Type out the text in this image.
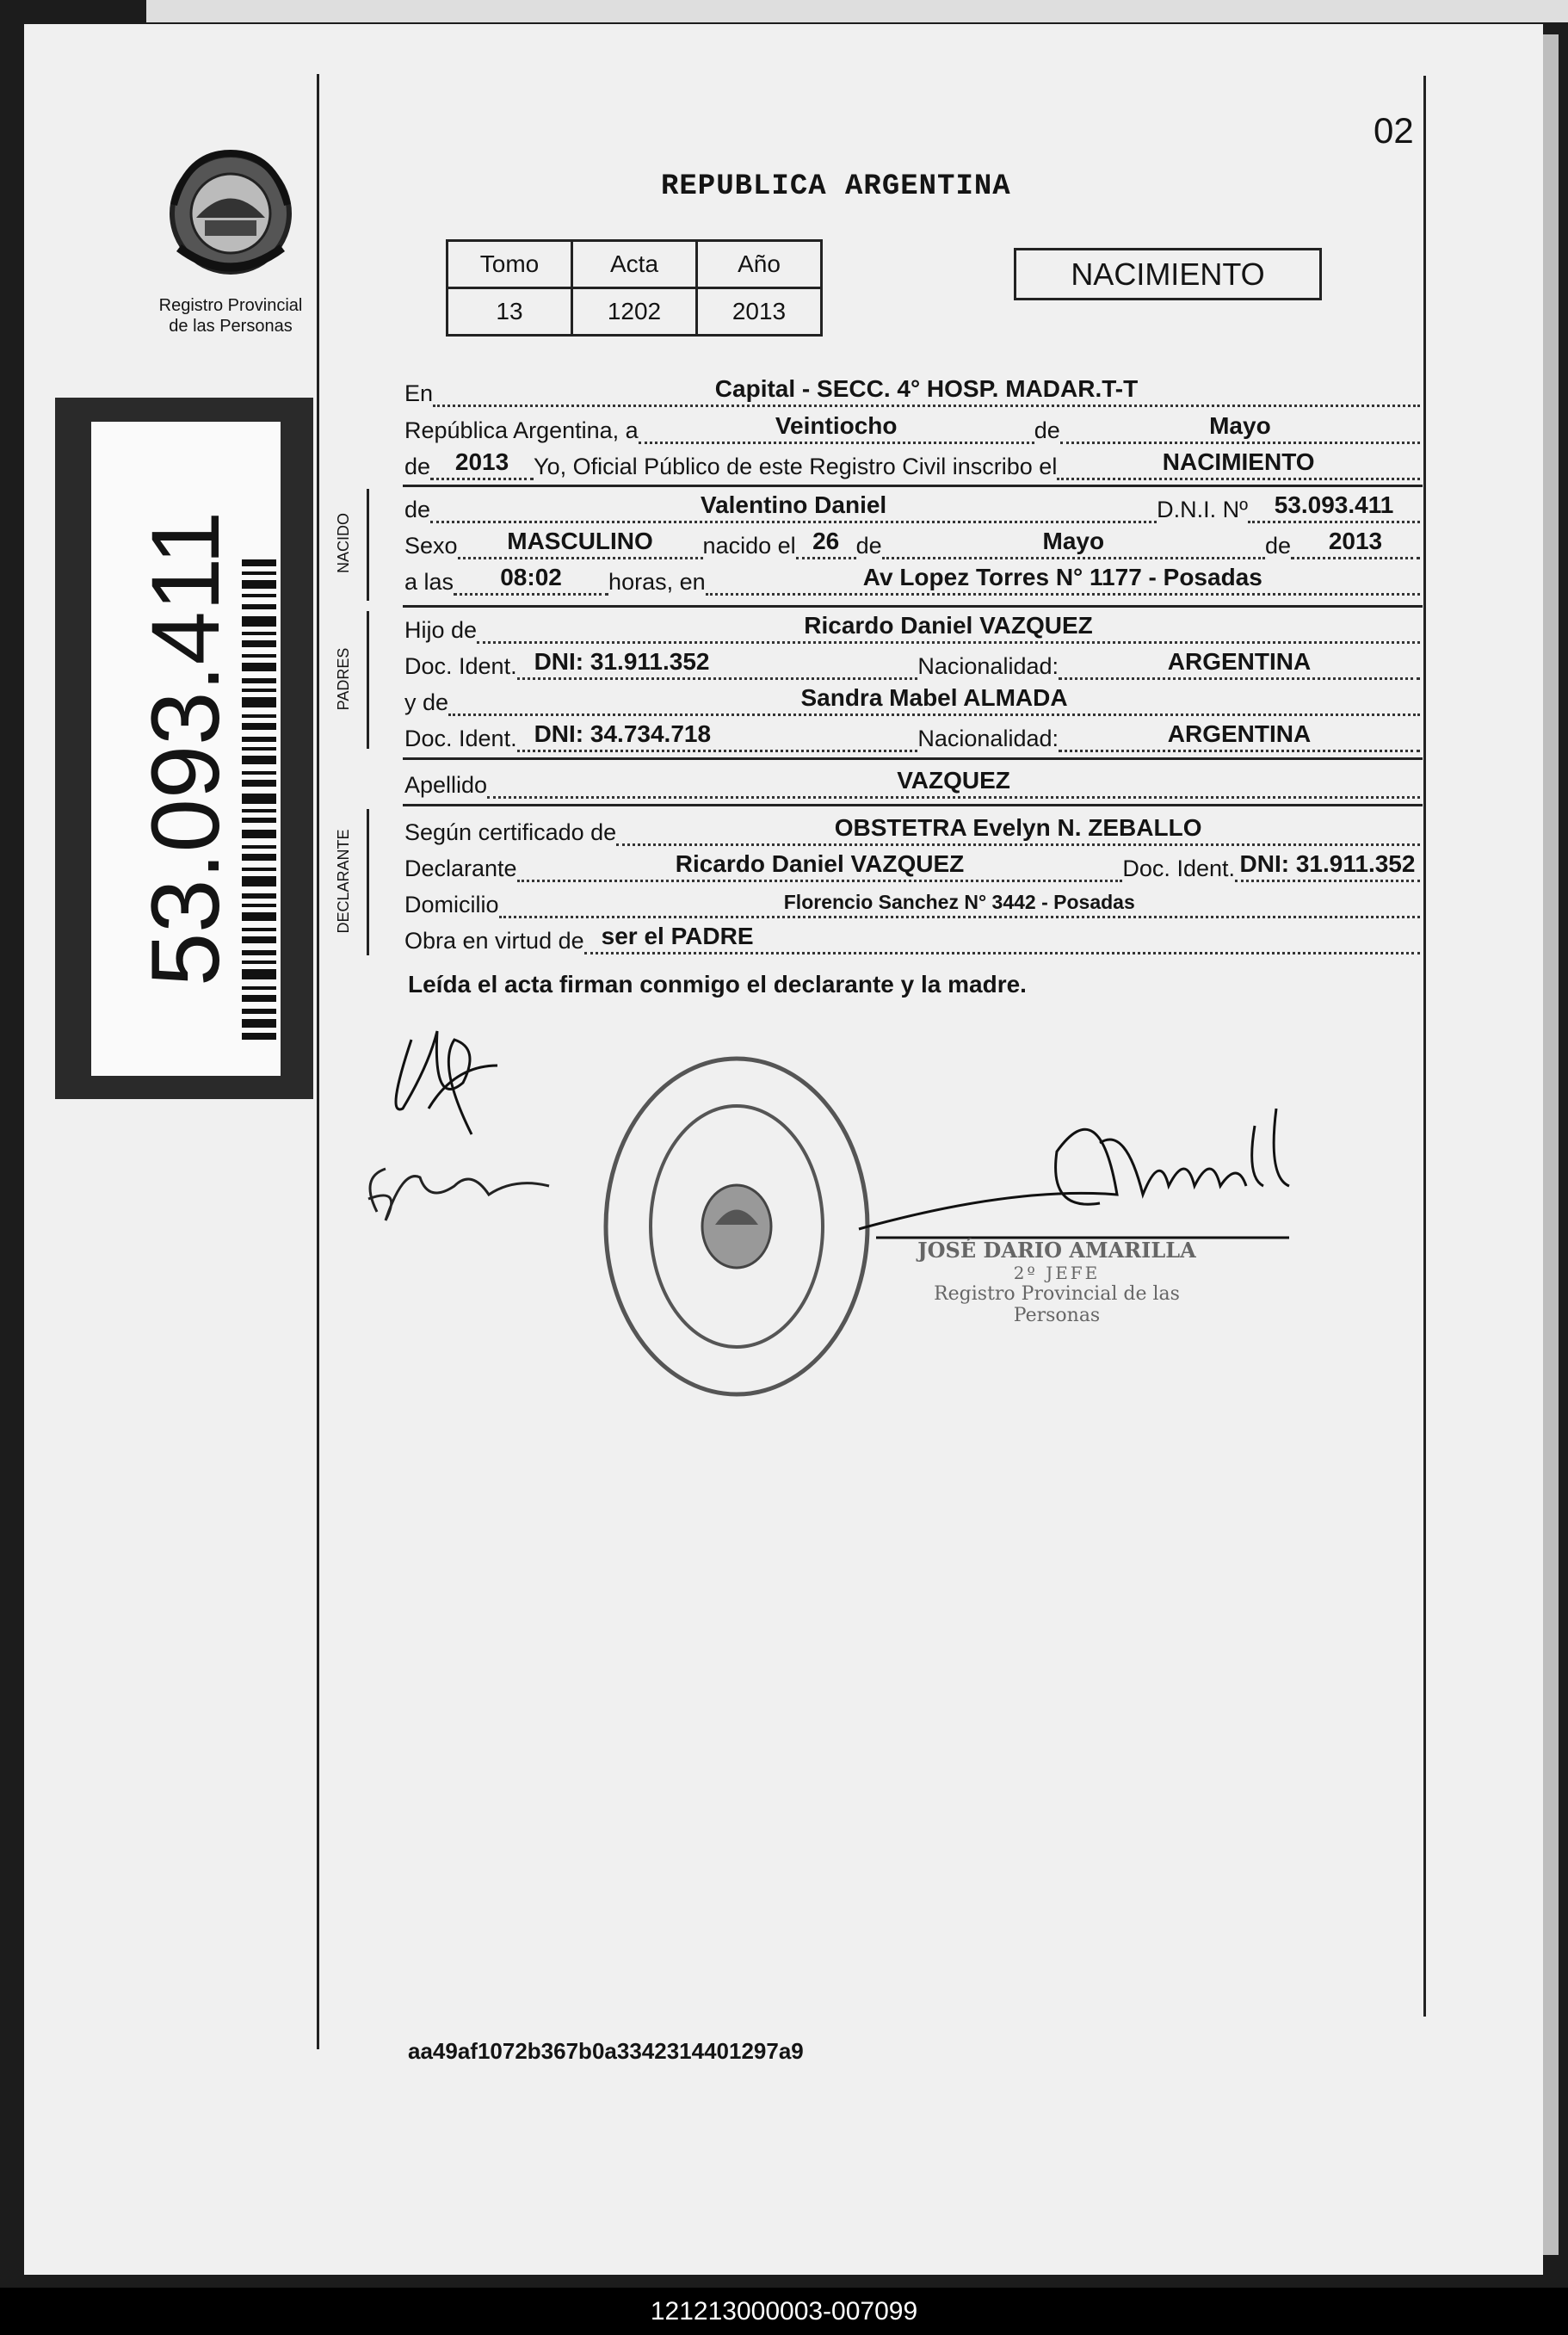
Registro Provincial
de las Personas
53.093.411
02
REPUBLICA ARGENTINA
Tomo	Acta	Año
13	1202	2013
NACIMIENTO
En	Capital - SECC. 4° HOSP. MADAR.T-T
República Argentina, a	Veintiocho	de	Mayo
de	2013	Yo, Oficial Público de este Registro Civil inscribo el	NACIMIENTO
NACIDO
de	Valentino Daniel	D.N.I. Nº	53.093.411
Sexo	MASCULINO	nacido el 26 de	Mayo	de	2013
a las	08:02	horas, en	Av Lopez Torres N° 1177 - Posadas
PADRES
Hijo de	Ricardo Daniel VAZQUEZ
Doc. Ident. DNI: 31.911.352	Nacionalidad:	ARGENTINA
y de	Sandra Mabel ALMADA
Doc. Ident. DNI: 34.734.718	Nacionalidad:	ARGENTINA
Apellido	VAZQUEZ
DECLARANTE Según certificado de	OBSTETRA Evelyn N. ZEBALLO
Declarante	Ricardo Daniel VAZQUEZ	Doc. Ident. DNI: 31.911.352
Domicilio	Florencio Sanchez N° 3442 - Posadas
Obra en virtud de ser el PADRE
Leída el acta firman conmigo el declarante y la madre.
JOSÉ DARIO AMARILLA
2º JEFE
Registro Provincial de las Personas
aa49af1072b367b0a3342314401297a9
121213000003-007099
